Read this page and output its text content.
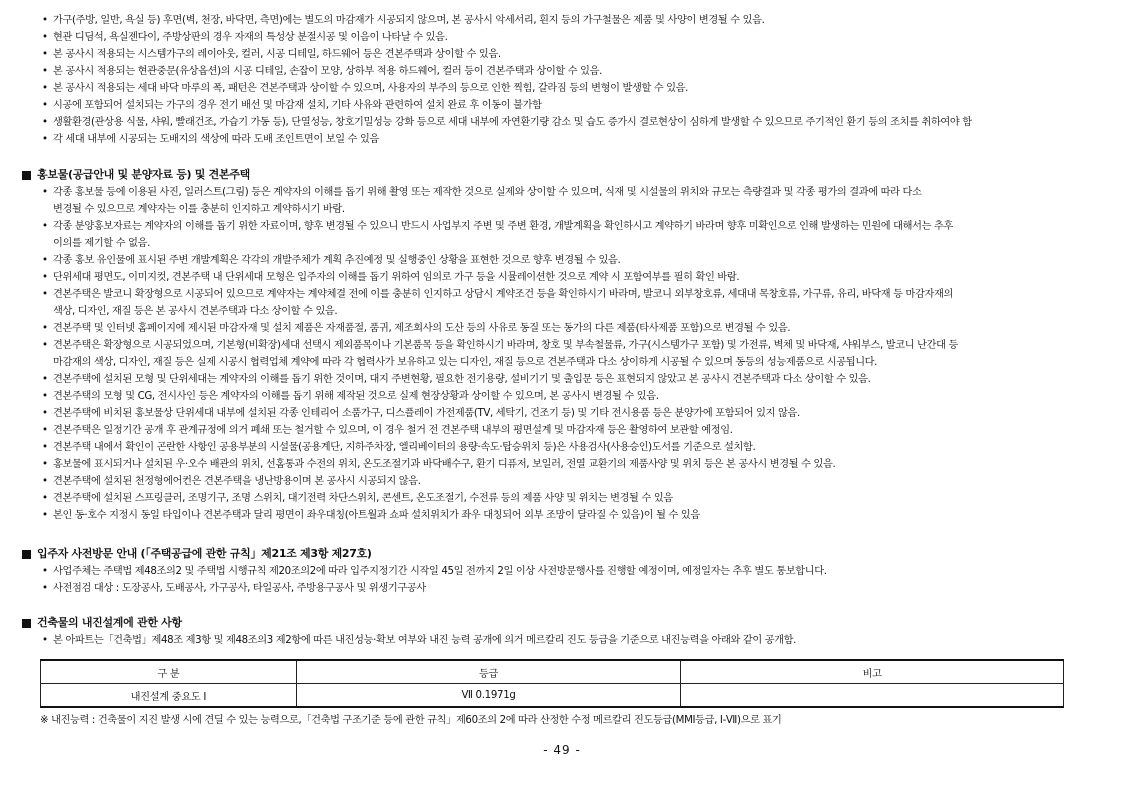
• 가구(주방, 일반, 욕실 등) 후면(벽, 천장, 바닥면, 측면)에는 별도의 마감재가 시공되지 않으며, 본 공사시 악세서리, 흰지 등의 가구철물은 제품 및 사양이 변경될 수 있음.
• 현관 디딤석, 욕실젠다이, 주방상판의 경우 자재의 특성상 분절시공 및 이음이 나타날 수 있음.
• 본 공사시 적용되는 시스템가구의 레이아웃, 컬러, 시공 디테일, 하드웨어 등은 견본주택과 상이할 수 있음.
• 본 공사시 적용되는 현관중문(유상옵션)의 시공 디테일, 손잡이 모양, 상하부 적용 하드웨어, 컬러 등이 견본주택과 상이할 수 있음.
• 본 공사시 적용되는 세대 바닥 마루의 폭, 패턴은 견본주택과 상이할 수 있으며, 사용자의 부주의 등으로 인한 찍힘, 갈라짐 등의 변형이 발생할 수 있음.
• 시공에 포함되어 설치되는 가구의 경우 전기 배선 및 마감재 설치, 기타 사유와 관련하여 설치 완료 후 이동이 불가함
• 생활환경(관상용 식물, 샤워, 빨래건조, 가습기 가동 등), 단열성능, 창호기밀성능 강화 등으로 세대 내부에 자연환기량 감소 및 습도 증가시 결로현상이 심하게 발생할 수 있으므로 주기적인 환기 등의 조치를 취하여야 함
• 각 세대 내부에 시공되는 도배지의 색상에 따라 도배 조인트면이 보일 수 있음
홍보물(공급안내 및 분양자료 등) 및 견본주택
• 각종 홍보물 등에 이용된 사진, 일러스트(그림) 등은 계약자의 이해를 돕기 위해 촬영 또는 제작한 것으로 실제와 상이할 수 있으며, 식재 및 시설물의 위치와 규모는 측량결과 및 각종 평가의 결과에 따라 다소
변경될 수 있으므로 계약자는 이를 충분히 인지하고 계약하시기 바람.
• 각종 분양홍보자료는 계약자의 이해를 돕기 위한 자료이며, 향후 변경될 수 있으니 반드시 사업부지 주변 및 주변 환경, 개발계획을 확인하시고 계약하기 바라며 향후 미확인으로 인해 발생하는 민원에 대해서는 추후
이의를 제기할 수 없음.
• 각종 홍보 유인물에 표시된 주변 개발계획은 각각의 개발주체가 계획 추진예정 및 실행중인 상황을 표현한 것으로 향후 변경될 수 있음.
• 단위세대 평면도, 이미지컷, 견본주택 내 단위세대 모형은 입주자의 이해를 돕기 위하여 임의로 가구 등을 시뮬레이션한 것으로 계약 시 포함여부를 필히 확인 바람.
• 견본주택은 발코니 확장형으로 시공되어 있으므로 계약자는 계약체결 전에 이를 충분히 인지하고 상담시 계약조건 등을 확인하시기 바라며, 발코니 외부창호류, 세대내 목창호류, 가구류, 유리, 바닥재 등 마감자재의
색상, 디자인, 재질 등은 본 공사시 견본주택과 다소 상이할 수 있음.
• 견본주택 및 인터넷 홈페이지에 제시된 마감자재 및 설치 제품은 자재품절, 품귀, 제조회사의 도산 등의 사유로 동질 또는 동가의 다른 제품(타사제품 포함)으로 변경될 수 있음.
• 견본주택은 확장형으로 시공되었으며, 기본형(비확장)세대 선택시 제외품목이나 기본품목 등을 확인하시기 바라며, 창호 및 부속철물류, 가구(시스템가구 포함) 및 가전류, 벽체 및 바닥재, 샤워부스, 발코니 난간대 등
마감재의 색상, 디자인, 재질 등은 실제 시공시 협력업체 계약에 따라 각 협력사가 보유하고 있는 디자인, 재질 등으로 견본주택과 다소 상이하게 시공될 수 있으며 동등의 성능제품으로 시공됩니다.
• 견본주택에 설치된 모형 및 단위세대는 계약자의 이해를 돕기 위한 것이며, 대지 주변현황, 필요한 전기용량, 설비기기 및 출입문 등은 표현되지 않았고 본 공사시 견본주택과 다소 상이할 수 있음.
• 견본주택의 모형 및 CG, 전시사인 등은 계약자의 이해를 돕기 위해 제작된 것으로 실제 현장상황과 상이할 수 있으며, 본 공사시 변경될 수 있음.
• 견본주택에 비치된 홍보물상 단위세대 내부에 설치된 각종 인테리어 소품가구, 디스플레이 가전제품(TV, 세탁기, 건조기 등) 및 기타 전시용품 등은 분양가에 포함되어 있지 않음.
• 견본주택은 일정기간 공개 후 관계규정에 의거 폐쇄 또는 철거할 수 있으며, 이 경우 철거 전 견본주택 내부의 평면설계 및 마감자재 등은 촬영하여 보관할 예정임.
• 견본주택 내에서 확인이 곤란한 사항인 공용부분의 시설물(공용계단, 지하주차장, 엘리베이터의 용량·속도·탑승위치 등)은 사용검사(사용승인)도서를 기준으로 설치함.
• 홍보물에 표시되거나 설치된 우·오수 배관의 위치, 선홈통과 수전의 위치, 온도조절기과 바닥배수구, 환기 디퓨저, 보일러, 전열 교환기의 제품사양 및 위치 등은 본 공사시 변경될 수 있음.
• 견본주택에 설치된 천정형에어컨은 견본주택을 냉난방용이며 본 공사시 시공되지 않음.
• 견본주택에 설치된 스프링클러, 조명기구, 조명 스위치, 대기전력 차단스위치, 콘센트, 온도조절기, 수전류 등의 제품 사양 및 위치는 변경될 수 있음
• 본인 동·호수 지정시 동일 타입이나 견본주택과 달리 평면이 좌우대칭(아트월과 쇼파 설치위치가 좌우 대칭되어 외부 조망이 달라질 수 있음)이 될 수 있음
입주자 사전방문 안내 (「주택공급에 관한 규칙」제21조 제3항 제27호)
• 사업주체는 주택법 제48조의2 및 주택법 시행규칙 제20조의2에 따라 입주지정기간 시작일 45일 전까지 2일 이상 사전방문행사를 진행할 예정이며, 예정일자는 추후 별도 통보합니다.
• 사전점검 대상 : 도장공사, 도배공사, 가구공사, 타일공사, 주방용구공사 및 위생기구공사
건축물의 내진설계에 관한 사항
• 본 아파트는「건축법」제48조 제3항 및 제48조의3 제2항에 따른 내진성능·확보 여부와 내진 능력 공개에 의거 메르칼리 진도 등급을 기준으로 내진능력을 아래와 같이 공개함.
구 분	등급	비고
내진설계 중요도 Ⅰ	Ⅶ 0.1971g	
※ 내진능력 : 건축물이 지진 발생 시에 견딜 수 있는 능력으로,「건축법 구조기준 등에 관한 규칙」제60조의 2에 따라 산정한 수정 메르칼리 진도등급(MMI등급, Ⅰ-Ⅶ)으로 표기
- 49 -
